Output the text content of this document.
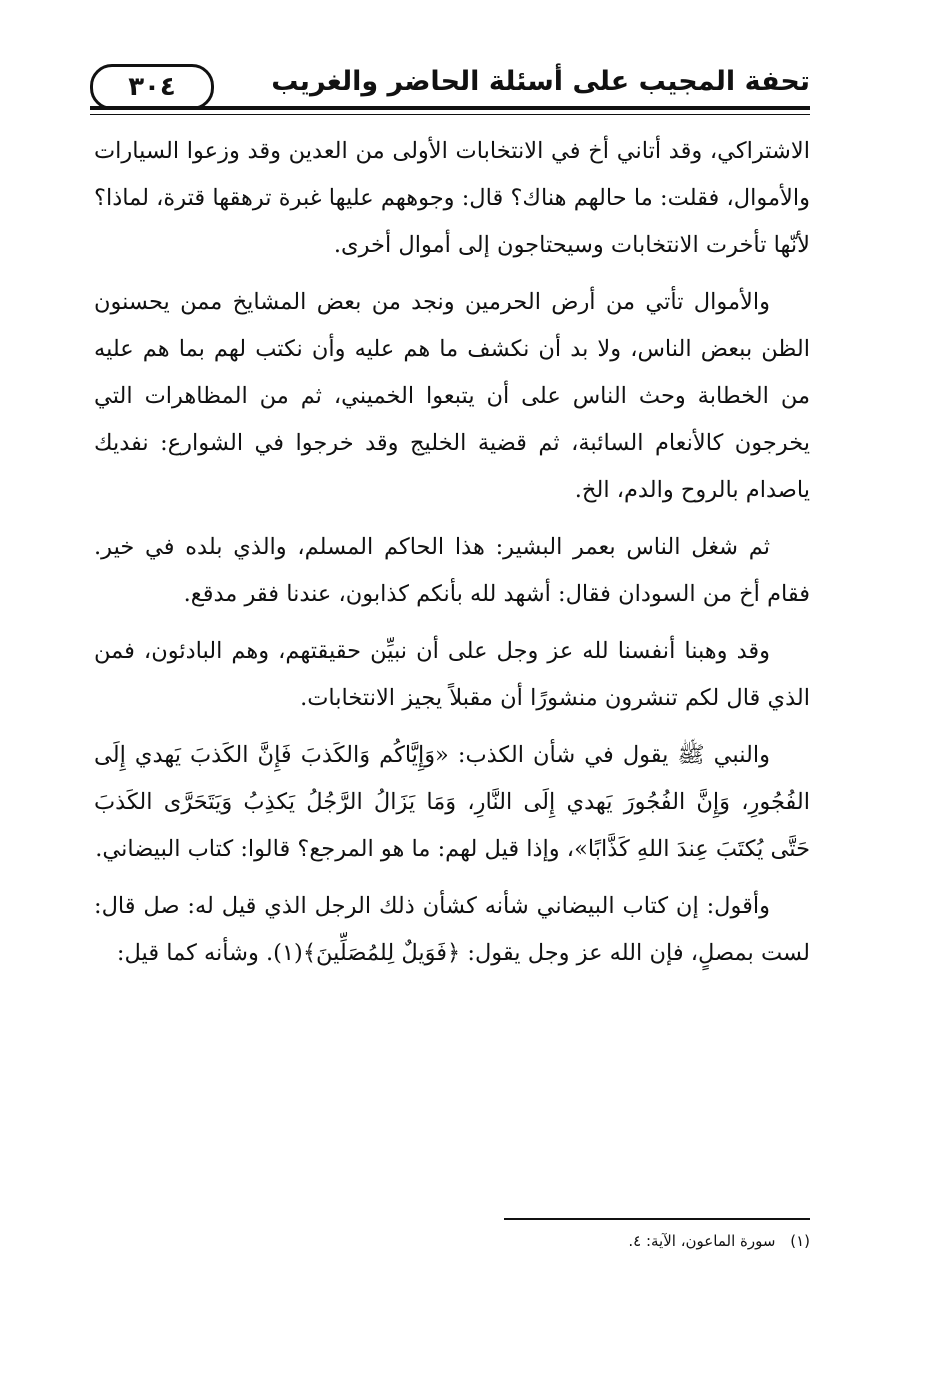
تحفة المجيب على أسئلة الحاضر والغريب
٣٠٤

الاشتراكي، وقد أتاني أخ في الانتخابات الأولى من العدين وقد وزعوا السيارات والأموال، فقلت: ما حالهم هناك؟ قال: وجوههم عليها غبرة ترهقها قترة، لماذا؟ لأنّها تأخرت الانتخابات وسيحتاجون إلى أموال أخرى.

والأموال تأتي من أرض الحرمين ونجد من بعض المشايخ ممن يحسنون الظن ببعض الناس، ولا بد أن نكشف ما هم عليه وأن نكتب لهم بما هم عليه من الخطابة وحث الناس على أن يتبعوا الخميني، ثم من المظاهرات التي يخرجون كالأنعام السائبة، ثم قضية الخليج وقد خرجوا في الشوارع: نفديك ياصدام بالروح والدم، الخ.

ثم شغل الناس بعمر البشير: هذا الحاكم المسلم، والذي بلده في خير. فقام أخ من السودان فقال: أشهد لله بأنكم كذابون، عندنا فقر مدقع.

وقد وهبنا أنفسنا لله عز وجل على أن نبيِّن حقيقتهم، وهم البادئون، فمن الذي قال لكم تنشرون منشورًا أن مقبلاً يجيز الانتخابات.

والنبي ﷺ يقول في شأن الكذب: «وَإِيَّاكُم وَالكَذبَ فَإِنَّ الكَذبَ يَهدي إِلَى الفُجُورِ، وَإِنَّ الفُجُورَ يَهدي إِلَى النَّارِ، وَمَا يَزَالُ الرَّجُلُ يَكذِبُ وَيَتَحَرَّى الكَذبَ حَتَّى يُكتَبَ عِندَ اللهِ كَذَّابًا»، وإذا قيل لهم: ما هو المرجع؟ قالوا: كتاب البيضاني.

وأقول: إن كتاب البيضاني شأنه كشأن ذلك الرجل الذي قيل له: صل قال: لست بمصلٍ، فإن الله عز وجل يقول: ﴿فَوَيلٌ لِلمُصَلِّينَ﴾(١). وشأنه كما قيل:

(١) سورة الماعون، الآية: ٤.
